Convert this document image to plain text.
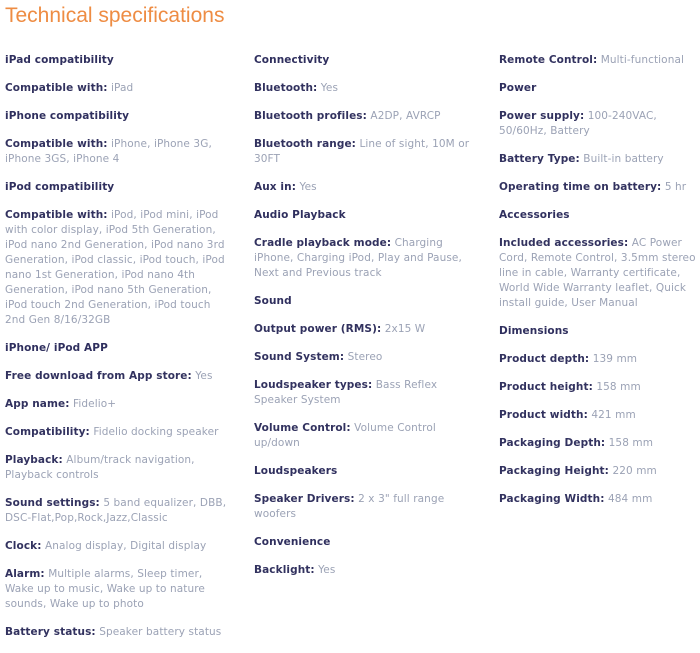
Technical specifications
iPad compatibility
Compatible with: iPad
iPhone compatibility
Compatible with: iPhone, iPhone 3G, iPhone 3GS, iPhone 4
iPod compatibility
Compatible with: iPod, iPod mini, iPod with color display, iPod 5th Generation, iPod nano 2nd Generation, iPod nano 3rd Generation, iPod classic, iPod touch, iPod nano 1st Generation, iPod nano 4th Generation, iPod nano 5th Generation, iPod touch 2nd Generation, iPod touch 2nd Gen 8/16/32GB
iPhone/ iPod APP
Free download from App store: Yes
App name: Fidelio+
Compatibility: Fidelio docking speaker
Playback: Album/track navigation, Playback controls
Sound settings: 5 band equalizer, DBB, DSC-Flat,Pop,Rock,Jazz,Classic
Clock: Analog display, Digital display
Alarm: Multiple alarms, Sleep timer, Wake up to music, Wake up to nature sounds, Wake up to photo
Battery status: Speaker battery status
Connectivity
Bluetooth: Yes
Bluetooth profiles: A2DP, AVRCP
Bluetooth range: Line of sight, 10M or 30FT
Aux in: Yes
Audio Playback
Cradle playback mode: Charging iPhone, Charging iPod, Play and Pause, Next and Previous track
Sound
Output power (RMS): 2x15 W
Sound System: Stereo
Loudspeaker types: Bass Reflex Speaker System
Volume Control: Volume Control up/down
Loudspeakers
Speaker Drivers: 2 x 3" full range woofers
Convenience
Backlight: Yes
Remote Control: Multi-functional
Power
Power supply: 100-240VAC, 50/60Hz, Battery
Battery Type: Built-in battery
Operating time on battery: 5 hr
Accessories
Included accessories: AC Power Cord, Remote Control, 3.5mm stereo line in cable, Warranty certificate, World Wide Warranty leaflet, Quick install guide, User Manual
Dimensions
Product depth: 139 mm
Product height: 158 mm
Product width: 421 mm
Packaging Depth: 158 mm
Packaging Height: 220 mm
Packaging Width: 484 mm
